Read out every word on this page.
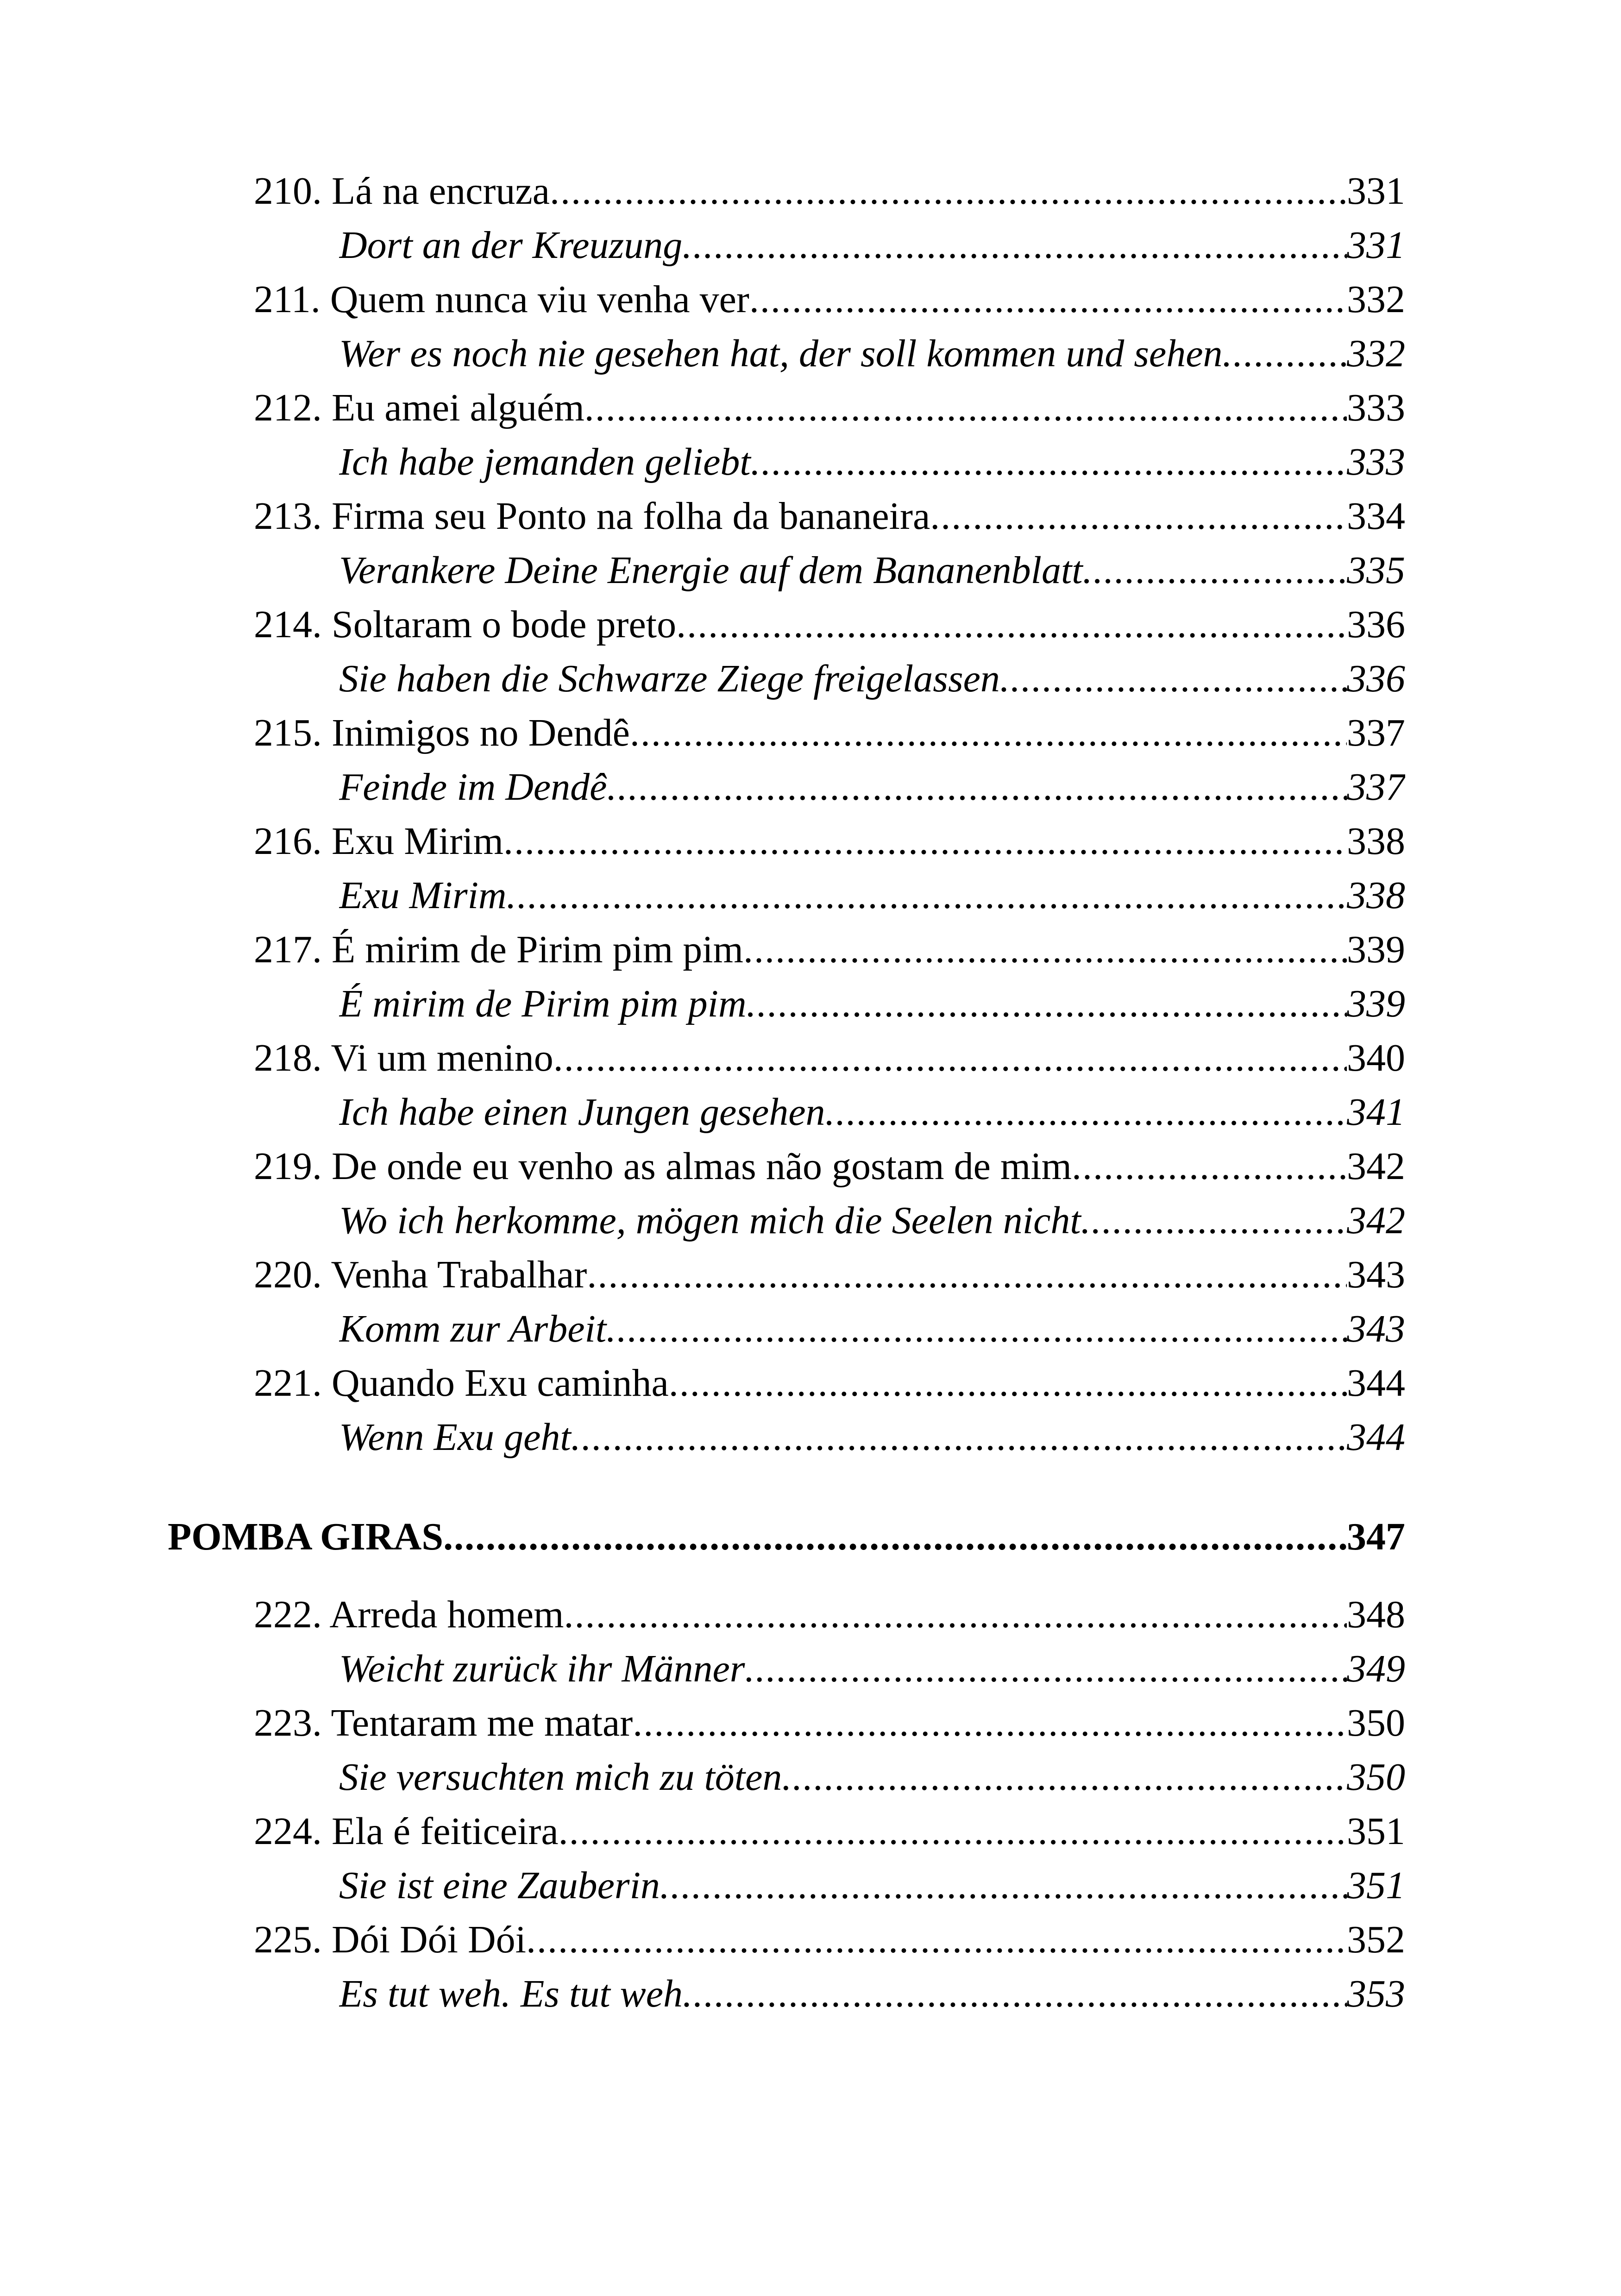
210. Lá na encruza .....	331
Dort an der Kreuzung .....	331
211. Quem nunca viu venha ver .....	332
Wer es noch nie gesehen hat, der soll kommen und sehen .....	332
212. Eu amei alguém .....	333
Ich habe jemanden geliebt .....	333
213. Firma seu Ponto na folha da bananeira .....	334
Verankere Deine Energie auf dem Bananenblatt .....	335
214. Soltaram o bode preto .....	336
Sie haben die Schwarze Ziege freigelassen .....	336
215. Inimigos no Dendê .....	337
Feinde im Dendê .....	337
216. Exu Mirim .....	338
Exu Mirim .....	338
217. É mirim de Pirim pim pim .....	339
É mirim de Pirim pim pim .....	339
218. Vi um menino .....	340
Ich habe einen Jungen gesehen .....	341
219. De onde eu venho as almas não gostam de mim .....	342
Wo ich herkomme, mögen mich die Seelen nicht .....	342
220. Venha Trabalhar .....	343
Komm zur Arbeit .....	343
221. Quando Exu caminha .....	344
Wenn Exu geht .....	344
POMBA GIRAS .....	347
222. Arreda homem .....	348
Weicht zurück ihr Männer .....	349
223. Tentaram me matar .....	350
Sie versuchten mich zu töten .....	350
224. Ela é feiticeira .....	351
Sie ist eine Zauberin .....	351
225. Dói Dói Dói .....	352
Es tut weh. Es tut weh .....	353
